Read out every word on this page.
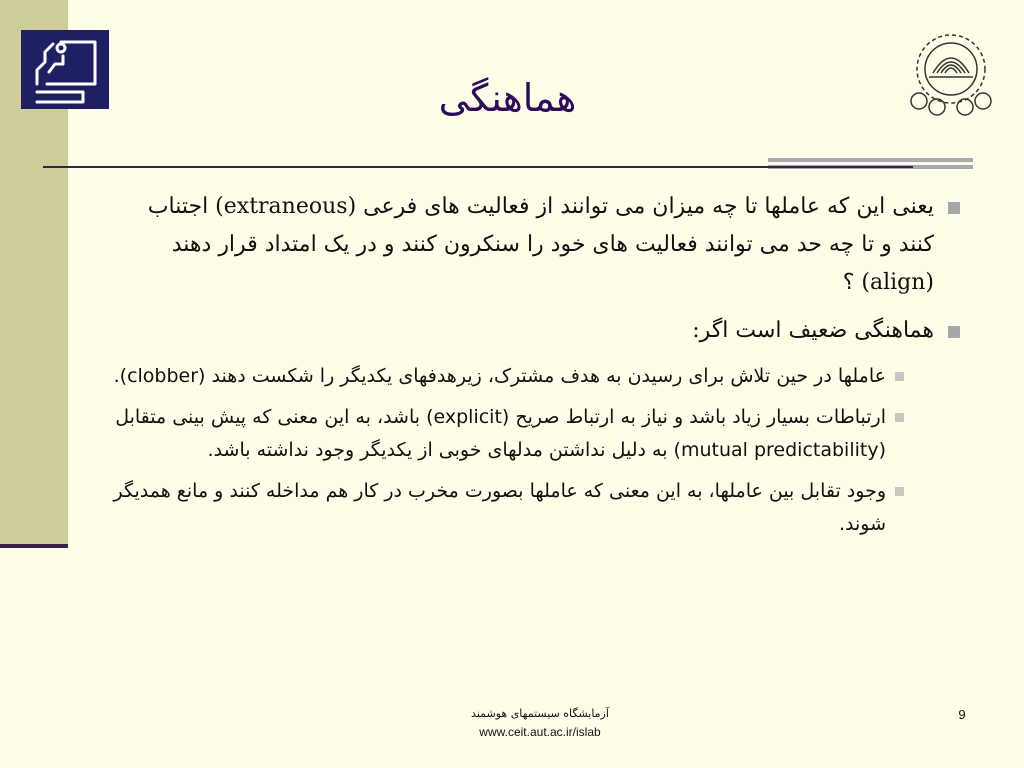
هماهنگی
یعنی این که عاملها تا چه میزان می توانند از فعالیت های فرعی (extraneous) اجتناب کنند و تا چه حد می توانند فعالیت های خود را سنکرون کنند و در یک امتداد قرار دهند (align) ؟
هماهنگی ضعیف است اگر:
عاملها در حین تلاش برای رسیدن به هدف مشترک، زیرهدفهای یکدیگر را شکست دهند (clobber).
ارتباطات بسیار زیاد باشد و نیاز به ارتباط صریح (explicit) باشد، به این معنی که پیش بینی متقابل (mutual predictability) به دلیل نداشتن مدلهای خوبی از یکدیگر وجود نداشته باشد.
وجود تقابل بین عاملها، به این معنی که عاملها بصورت مخرب در کار هم مداخله کنند و مانع همدیگر شوند.
آزمایشگاه سیستمهای هوشمند
www.ceit.aut.ac.ir/islab
9
